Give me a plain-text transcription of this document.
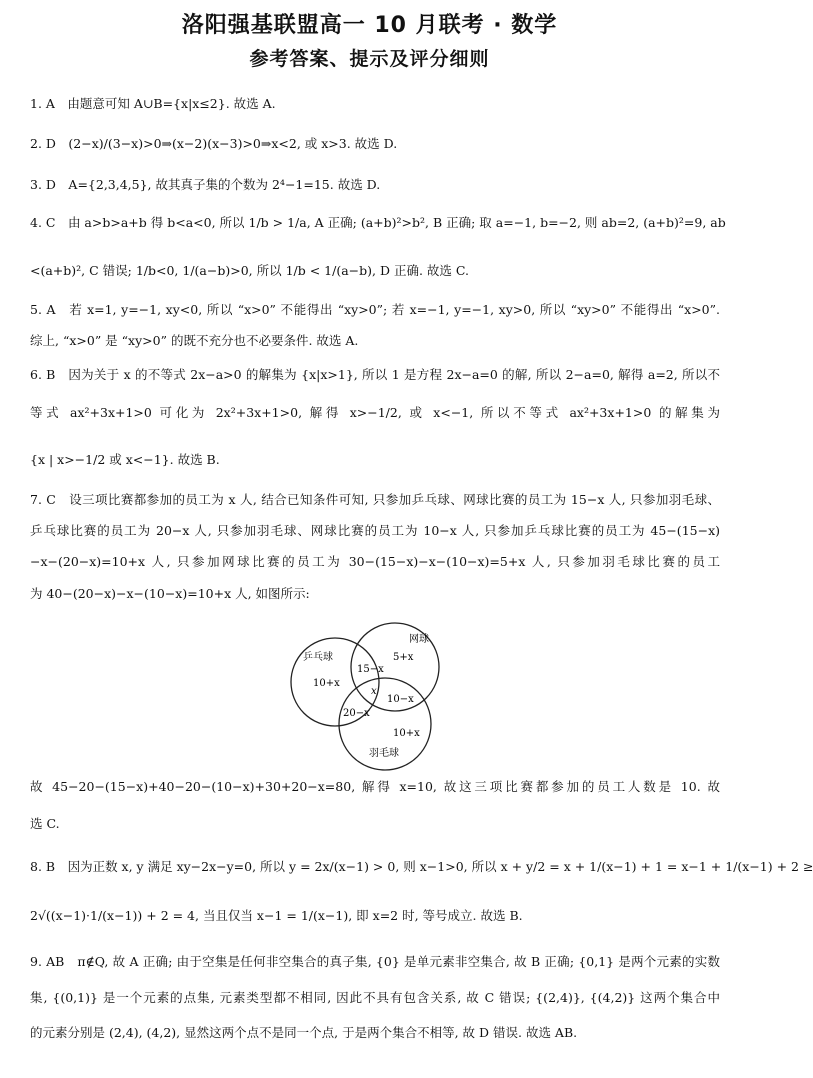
洛阳强基联盟高一 10 月联考 · 数学
参考答案、提示及评分细则
1. A　由题意可知 A∪B={x|x≤2}. 故选 A.
2. D　(2−x)/(3−x)>0⇒(x−2)(x−3)>0⇒x<2, 或 x>3. 故选 D.
3. D　A={2,3,4,5}, 故其真子集的个数为 2⁴−1=15. 故选 D.
4. C　由 a>b>a+b 得 b<a<0, 所以 1/b > 1/a, A 正确; (a+b)²>b², B 正确; 取 a=−1, b=−2, 则 ab=2, (a+b)²=9, ab
<(a+b)², C 错误; 1/b<0, 1/(a−b)>0, 所以 1/b < 1/(a−b), D 正确. 故选 C.
5. A　若 x=1, y=−1, xy<0, 所以 “x>0” 不能得出 “xy>0”; 若 x=−1, y=−1, xy>0, 所以 “xy>0” 不能得出 “x>0”.
综上, “x>0” 是 “xy>0” 的既不充分也不必要条件. 故选 A.
6. B　因为关于 x 的不等式 2x−a>0 的解集为 {x|x>1}, 所以 1 是方程 2x−a=0 的解, 所以 2−a=0, 解得 a=2, 所以不
等式 ax²+3x+1>0 可化为 2x²+3x+1>0, 解得 x>−1/2, 或 x<−1, 所以不等式 ax²+3x+1>0 的解集为
{x | x>−1/2 或 x<−1}. 故选 B.
7. C　设三项比赛都参加的员工为 x 人, 结合已知条件可知, 只参加乒乓球、网球比赛的员工为 15−x 人, 只参加羽毛球、
乒乓球比赛的员工为 20−x 人, 只参加羽毛球、网球比赛的员工为 10−x 人, 只参加乒乓球比赛的员工为 45−(15−x)
−x−(20−x)=10+x 人, 只参加网球比赛的员工为 30−(15−x)−x−(10−x)=5+x 人, 只参加羽毛球比赛的员工
为 40−(20−x)−x−(10−x)=10+x 人, 如图所示:
乒乓球
网球
羽毛球
10+x
5+x
10+x
15−x
10−x
20−x
x
故 45−20−(15−x)+40−20−(10−x)+30+20−x=80, 解得 x=10, 故这三项比赛都参加的员工人数是 10. 故
选 C.
8. B　因为正数 x, y 满足 xy−2x−y=0, 所以 y = 2x/(x−1) > 0, 则 x−1>0, 所以 x + y/2 = x + 1/(x−1) + 1 = x−1 + 1/(x−1) + 2 ≥
2√((x−1)·1/(x−1)) + 2 = 4, 当且仅当 x−1 = 1/(x−1), 即 x=2 时, 等号成立. 故选 B.
9. AB　π∉Q, 故 A 正确; 由于空集是任何非空集合的真子集, {0} 是单元素非空集合, 故 B 正确; {0,1} 是两个元素的实数
集, {(0,1)} 是一个元素的点集, 元素类型都不相同, 因此不具有包含关系, 故 C 错误; {(2,4)}, {(4,2)} 这两个集合中
的元素分别是 (2,4), (4,2), 显然这两个点不是同一个点, 于是两个集合不相等, 故 D 错误. 故选 AB.
